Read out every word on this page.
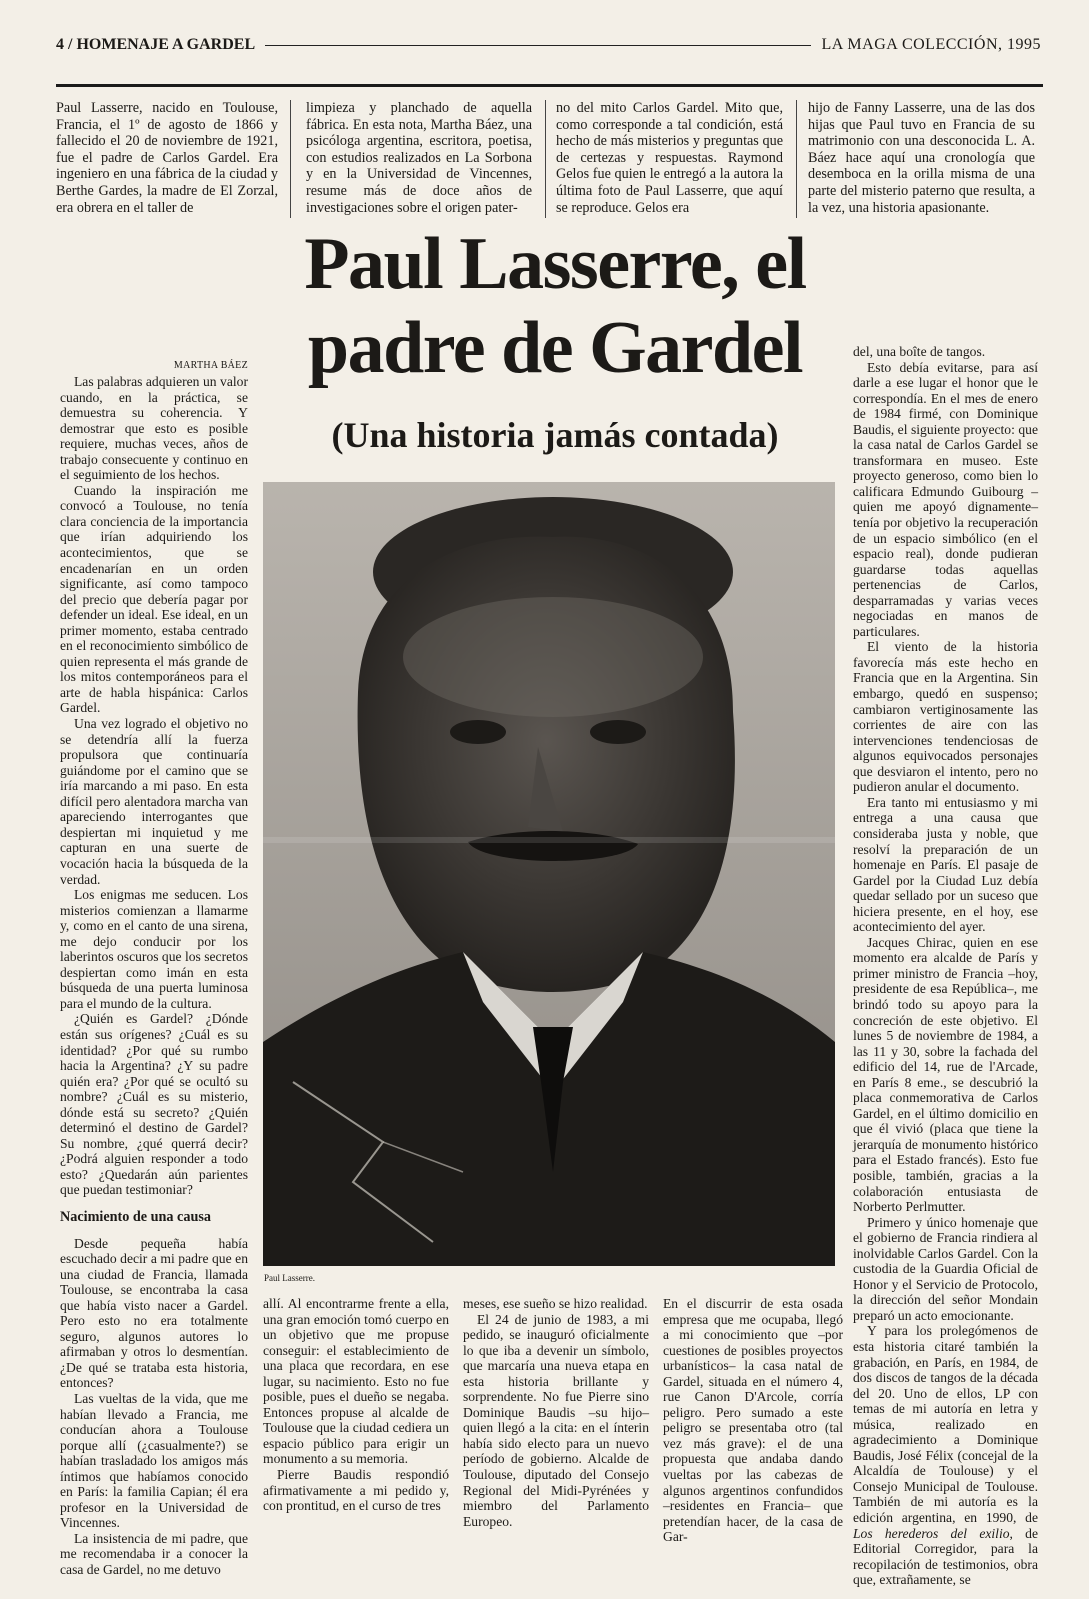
4 / HOMENAJE A GARDEL	LA MAGA COLECCIÓN, 1995
Paul Lasserre, nacido en Toulouse, Francia, el 1º de agosto de 1866 y fallecido el 20 de noviembre de 1921, fue el padre de Carlos Gardel. Era ingeniero en una fábrica de la ciudad y Berthe Gardes, la madre de El Zorzal, era obrera en el taller de
limpieza y planchado de aquella fábrica. En esta nota, Martha Báez, una psicóloga argentina, escritora, poetisa, con estudios realizados en La Sorbona y en la Universidad de Vincennes, resume más de doce años de investigaciones sobre el origen pater-
no del mito Carlos Gardel. Mito que, como corresponde a tal condición, está hecho de más misterios y preguntas que de certezas y respuestas. Raymond Gelos fue quien le entregó a la autora la última foto de Paul Lasserre, que aquí se reproduce. Gelos era
hijo de Fanny Lasserre, una de las dos hijas que Paul tuvo en Francia de su matrimonio con una desconocida L. A. Báez hace aquí una cronología que desemboca en la orilla misma de una parte del misterio paterno que resulta, a la vez, una historia apasionante.
Paul Lasserre, el
padre de Gardel
(Una historia jamás contada)
MARTHA BÁEZ

Las palabras adquieren un valor cuando, en la práctica, se demuestra su coherencia. Y demostrar que esto es posible requiere, muchas veces, años de trabajo consecuente y continuo en el seguimiento de los hechos.

Cuando la inspiración me convocó a Toulouse, no tenía clara conciencia de la importancia que irían adquiriendo los acontecimientos, que se encadenarían en un orden significante, así como tampoco del precio que debería pagar por defender un ideal. Ese ideal, en un primer momento, estaba centrado en el reconocimiento simbólico de quien representa el más grande de los mitos contemporáneos para el arte de habla hispánica: Carlos Gardel.

Una vez logrado el objetivo no se detendría allí la fuerza propulsora que continuaría guiándome por el camino que se iría marcando a mi paso. En esta difícil pero alentadora marcha van apareciendo interrogantes que despiertan mi inquietud y me capturan en una suerte de vocación hacia la búsqueda de la verdad.

Los enigmas me seducen. Los misterios comienzan a llamarme y, como en el canto de una sirena, me dejo conducir por los laberintos oscuros que los secretos despiertan como imán en esta búsqueda de una puerta luminosa para el mundo de la cultura.

¿Quién es Gardel? ¿Dónde están sus orígenes? ¿Cuál es su identidad? ¿Por qué su rumbo hacia la Argentina? ¿Y su padre quién era? ¿Por qué se ocultó su nombre? ¿Cuál es su misterio, dónde está su secreto? ¿Quién determinó el destino de Gardel? Su nombre, ¿qué querrá decir? ¿Podrá alguien responder a todo esto? ¿Quedarán aún parientes que puedan testimoniar?

Nacimiento de una causa

Desde pequeña había escuchado decir a mi padre que en una ciudad de Francia, llamada Toulouse, se encontraba la casa que había visto nacer a Gardel. Pero esto no era totalmente seguro, algunos autores lo afirmaban y otros lo desmentían. ¿De qué se trataba esta historia, entonces?

Las vueltas de la vida, que me habían llevado a Francia, me conducían ahora a Toulouse porque allí (¿casualmente?) se habían trasladado los amigos más íntimos que habíamos conocido en París: la familia Capian; él era profesor en la Universidad de Vincennes.

La insistencia de mi padre, que me recomendaba ir a conocer la casa de Gardel, no me detuvo

Paul Lasserre.

allí. Al encontrarme frente a ella, una gran emoción tomó cuerpo en un objetivo que me propuse conseguir: el establecimiento de una placa que recordara, en ese lugar, su nacimiento. Esto no fue posible, pues el dueño se negaba. Entonces propuse al alcalde de Toulouse que la ciudad cediera un espacio público para erigir un monumento a su memoria.

Pierre Baudis respondió afirmativamente a mi pedido y, con prontitud, en el curso de tres

meses, ese sueño se hizo realidad.

El 24 de junio de 1983, a mi pedido, se inauguró oficialmente lo que iba a devenir un símbolo, que marcaría una nueva etapa en esta historia brillante y sorprendente. No fue Pierre sino Dominique Baudis –su hijo– quien llegó a la cita: en el ínterin había sido electo para un nuevo período de gobierno. Alcalde de Toulouse, diputado del Consejo Regional del Midi-Pyrénées y miembro del Parlamento Europeo.

En el discurrir de esta osada empresa que me ocupaba, llegó a mi conocimiento que –por cuestiones de posibles proyectos urbanísticos– la casa natal de Gardel, situada en el número 4, rue Canon D'Arcole, corría peligro. Pero sumado a este peligro se presentaba otro (tal vez más grave): el de una propuesta que andaba dando vueltas por las cabezas de algunos argentinos confundidos –residentes en Francia– que pretendían hacer, de la casa de Gar-

del, una boîte de tangos.

Esto debía evitarse, para así darle a ese lugar el honor que le correspondía. En el mes de enero de 1984 firmé, con Dominique Baudis, el siguiente proyecto: que la casa natal de Carlos Gardel se transformara en museo. Este proyecto generoso, como bien lo calificara Edmundo Guibourg –quien me apoyó dignamente– tenía por objetivo la recuperación de un espacio simbólico (en el espacio real), donde pudieran guardarse todas aquellas pertenencias de Carlos, desparramadas y varias veces negociadas en manos de particulares.

El viento de la historia favorecía más este hecho en Francia que en la Argentina. Sin embargo, quedó en suspenso; cambiaron vertiginosamente las corrientes de aire con las intervenciones tendenciosas de algunos equivocados personajes que desviaron el intento, pero no pudieron anular el documento.

Era tanto mi entusiasmo y mi entrega a una causa que consideraba justa y noble, que resolví la preparación de un homenaje en París. El pasaje de Gardel por la Ciudad Luz debía quedar sellado por un suceso que hiciera presente, en el hoy, ese acontecimiento del ayer.

Jacques Chirac, quien en ese momento era alcalde de París y primer ministro de Francia –hoy, presidente de esa República–, me brindó todo su apoyo para la concreción de este objetivo. El lunes 5 de noviembre de 1984, a las 11 y 30, sobre la fachada del edificio del 14, rue de l'Arcade, en París 8 eme., se descubrió la placa conmemorativa de Carlos Gardel, en el último domicilio en que él vivió (placa que tiene la jerarquía de monumento histórico para el Estado francés). Esto fue posible, también, gracias a la colaboración entusiasta de Norberto Perlmutter.

Primero y único homenaje que el gobierno de Francia rindiera al inolvidable Carlos Gardel. Con la custodia de la Guardia Oficial de Honor y el Servicio de Protocolo, la dirección del señor Mondain preparó un acto emocionante.

Y para los prolegómenos de esta historia citaré también la grabación, en París, en 1984, de dos discos de tangos de la década del 20. Uno de ellos, LP con temas de mi autoría en letra y música, realizado en agradecimiento a Dominique Baudis, José Félix (concejal de la Alcaldía de Toulouse) y el Consejo Municipal de Toulouse. También de mi autoría es la edición argentina, en 1990, de Los herederos del exilio, de Editorial Corregidor, para la recopilación de testimonios, obra que, extrañamente, se
